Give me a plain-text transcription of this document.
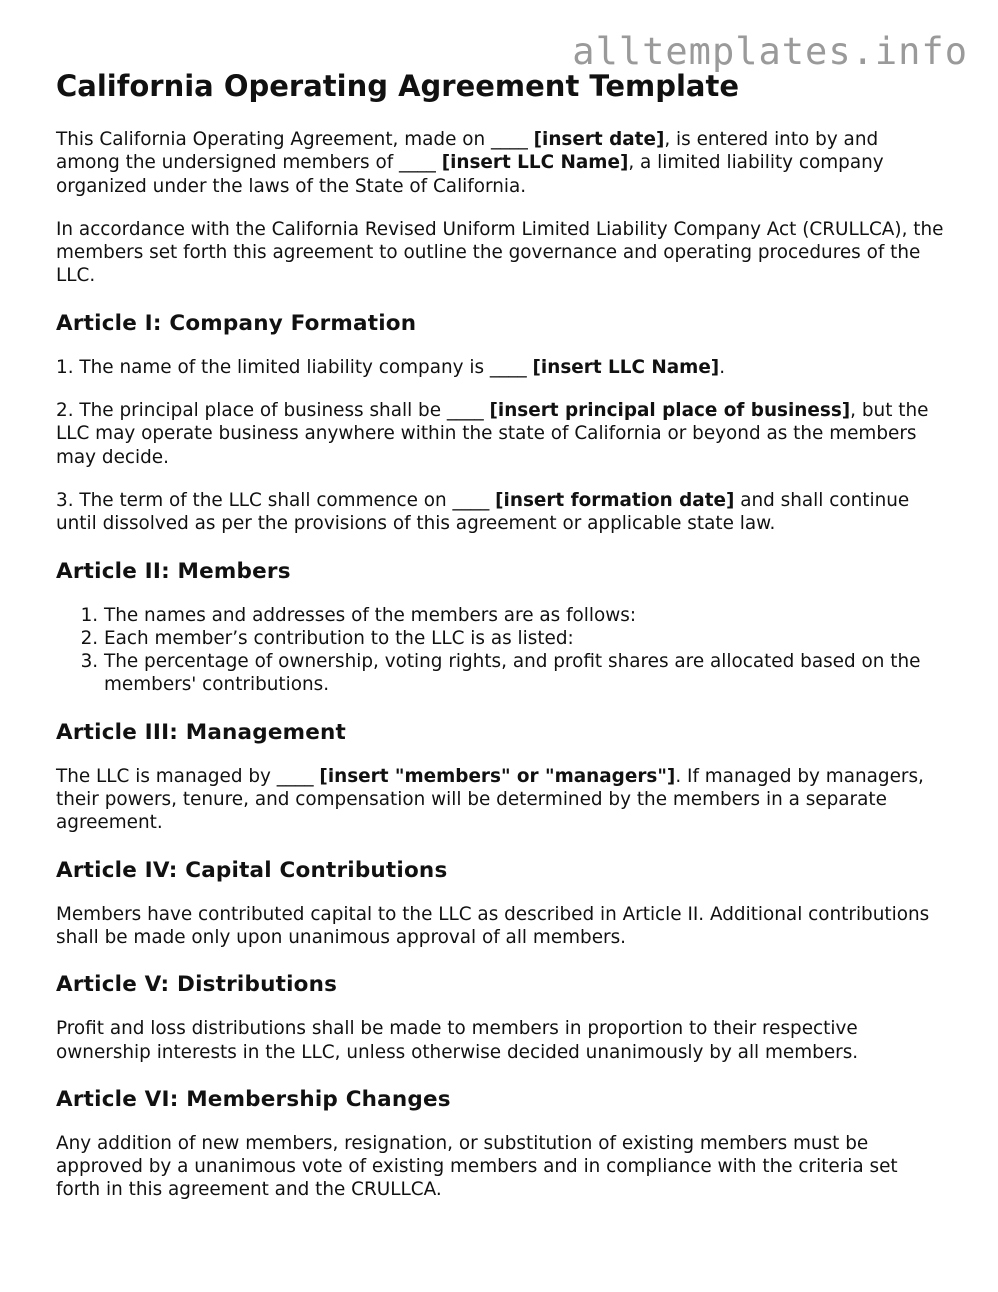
alltemplates.info
California Operating Agreement Template

This California Operating Agreement, made on ____ [insert date], is entered into by and among the undersigned members of ____ [insert LLC Name], a limited liability company organized under the laws of the State of California.

In accordance with the California Revised Uniform Limited Liability Company Act (CRULLCA), the members set forth this agreement to outline the governance and operating procedures of the LLC.

Article I: Company Formation

1. The name of the limited liability company is ____ [insert LLC Name].

2. The principal place of business shall be ____ [insert principal place of business], but the LLC may operate business anywhere within the state of California or beyond as the members may decide.

3. The term of the LLC shall commence on ____ [insert formation date] and shall continue until dissolved as per the provisions of this agreement or applicable state law.

Article II: Members
1. The names and addresses of the members are as follows:
2. Each member’s contribution to the LLC is as listed:
3. The percentage of ownership, voting rights, and profit shares are allocated based on the members' contributions.
Article III: Management

The LLC is managed by ____ [insert "members" or "managers"]. If managed by managers, their powers, tenure, and compensation will be determined by the members in a separate agreement.

Article IV: Capital Contributions

Members have contributed capital to the LLC as described in Article II. Additional contributions shall be made only upon unanimous approval of all members.

Article V: Distributions

Profit and loss distributions shall be made to members in proportion to their respective ownership interests in the LLC, unless otherwise decided unanimously by all members.

Article VI: Membership Changes

Any addition of new members, resignation, or substitution of existing members must be approved by a unanimous vote of existing members and in compliance with the criteria set forth in this agreement and the CRULLCA.
